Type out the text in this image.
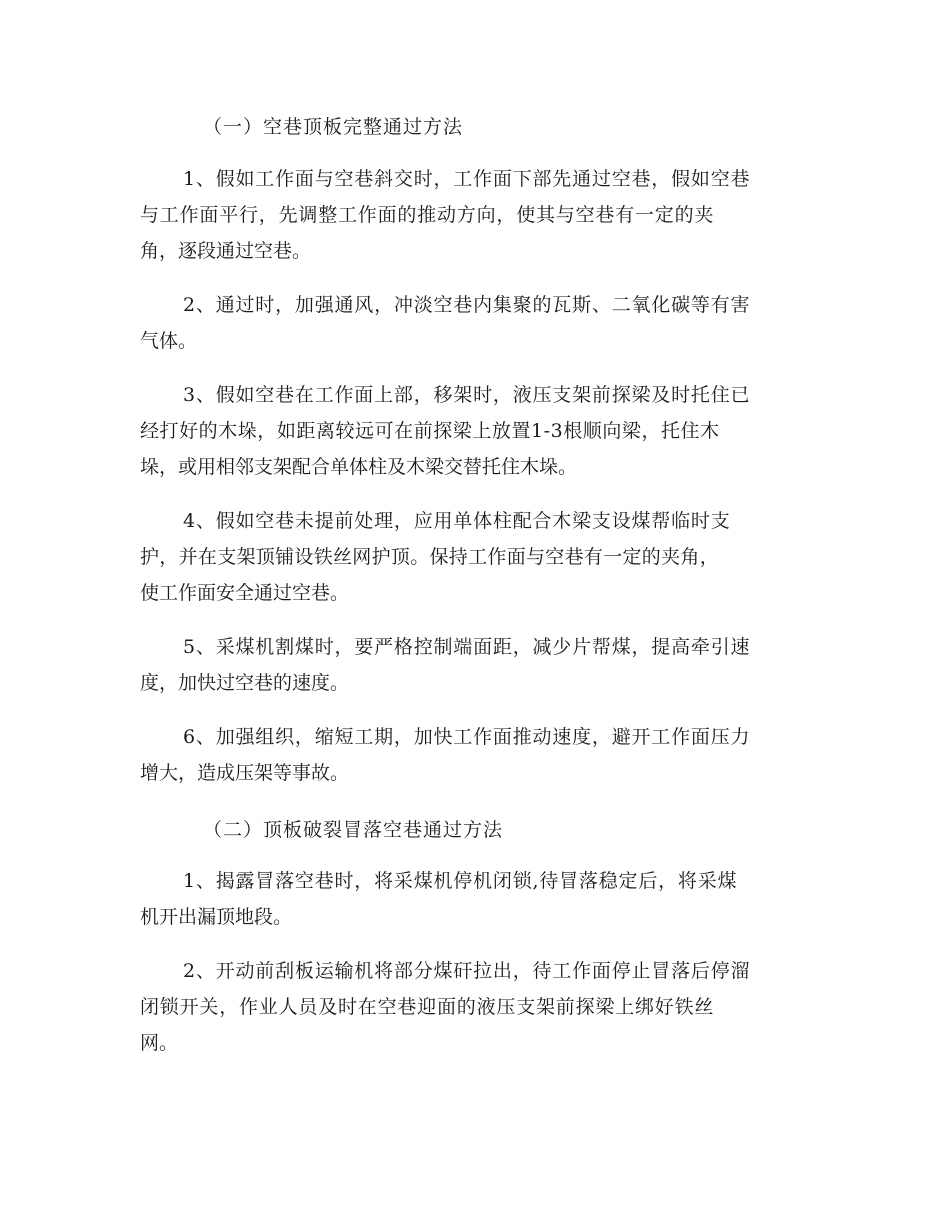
（一）空巷顶板完整通过方法
1、假如工作面与空巷斜交时，工作面下部先通过空巷，假如空巷
与工作面平行，先调整工作面的推动方向，使其与空巷有一定的夹
角，逐段通过空巷。
2、通过时，加强通风，冲淡空巷内集聚的瓦斯、二氧化碳等有害
气体。
3、假如空巷在工作面上部，移架时，液压支架前探梁及时托住已
经打好的木垛，如距离较远可在前探梁上放置1-3根顺向梁，托住木
垛，或用相邻支架配合单体柱及木梁交替托住木垛。
4、假如空巷未提前处理，应用单体柱配合木梁支设煤帮临时支
护，并在支架顶铺设铁丝网护顶。保持工作面与空巷有一定的夹角，
使工作面安全通过空巷。
5、采煤机割煤时，要严格控制端面距，减少片帮煤，提高牵引速
度，加快过空巷的速度。
6、加强组织，缩短工期，加快工作面推动速度，避开工作面压力
增大，造成压架等事故。
（二）顶板破裂冒落空巷通过方法
1、揭露冒落空巷时，将采煤机停机闭锁,待冒落稳定后，将采煤
机开出漏顶地段。
2、开动前刮板运输机将部分煤矸拉出，待工作面停止冒落后停溜
闭锁开关，作业人员及时在空巷迎面的液压支架前探梁上绑好铁丝
网。
